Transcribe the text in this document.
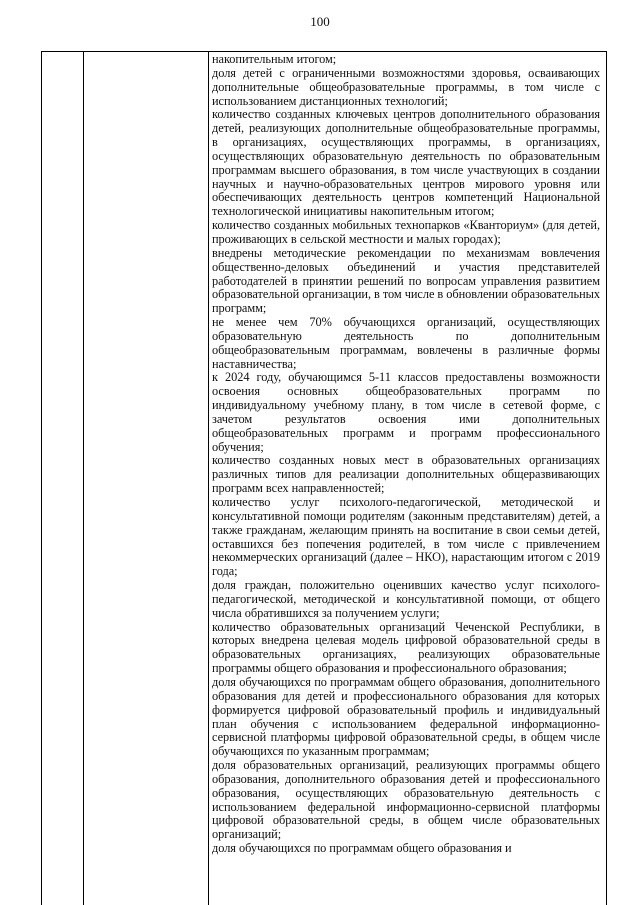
100

накопительным итогом;

доля детей с ограниченными возможностями здоровья, осваивающих дополнительные общеобразовательные программы, в том числе с использованием дистанционных технологий;

количество созданных ключевых центров дополнительного образования детей, реализующих дополнительные общеобразовательные программы, в организациях, осуществляющих программы, в организациях, осуществляющих образовательную деятельность по образовательным программам высшего образования, в том числе участвующих в создании научных и научно-образовательных центров мирового уровня или обеспечивающих деятельность центров компетенций Национальной технологической инициативы накопительным итогом;

количество созданных мобильных технопарков «Кванториум» (для детей, проживающих в сельской местности и малых городах);

внедрены методические рекомендации по механизмам вовлечения общественно-деловых объединений и участия представителей работодателей в принятии решений по вопросам управления развитием образовательной организации, в том числе в обновлении образовательных программ;

не менее чем 70% обучающихся организаций, осуществляющих образовательную деятельность по дополнительным общеобразовательным программам, вовлечены в различные формы наставничества;

к 2024 году, обучающимся 5-11 классов предоставлены возможности освоения основных общеобразовательных программ по индивидуальному учебному плану, в том числе в сетевой форме, с зачетом результатов освоения ими дополнительных общеобразовательных программ и программ профессионального обучения;

количество созданных новых мест в образовательных организациях различных типов для реализации дополнительных общеразвивающих программ всех направленностей;

количество услуг психолого-педагогической, методической и консультативной помощи родителям (законным представителям) детей, а также гражданам, желающим принять на воспитание в свои семьи детей, оставшихся без попечения родителей, в том числе с привлечением некоммерческих организаций (далее – НКО), нарастающим итогом с 2019 года;

доля граждан, положительно оценивших качество услуг психолого-педагогической, методической и консультативной помощи, от общего числа обратившихся за получением услуги;

количество образовательных организаций Чеченской Республики, в которых внедрена целевая модель цифровой образовательной среды в образовательных организациях, реализующих образовательные программы общего образования и профессионального образования;

доля обучающихся по программам общего образования, дополнительного образования для детей и профессионального образования для которых формируется цифровой образовательный профиль и индивидуальный план обучения с использованием федеральной информационно-сервисной платформы цифровой образовательной среды, в общем числе обучающихся по указанным программам;

доля образовательных организаций, реализующих программы общего образования, дополнительного образования детей и профессионального образования, осуществляющих образовательную деятельность с использованием федеральной информационно-сервисной платформы цифровой образовательной среды, в общем числе образовательных организаций;

доля обучающихся по программам общего образования и
